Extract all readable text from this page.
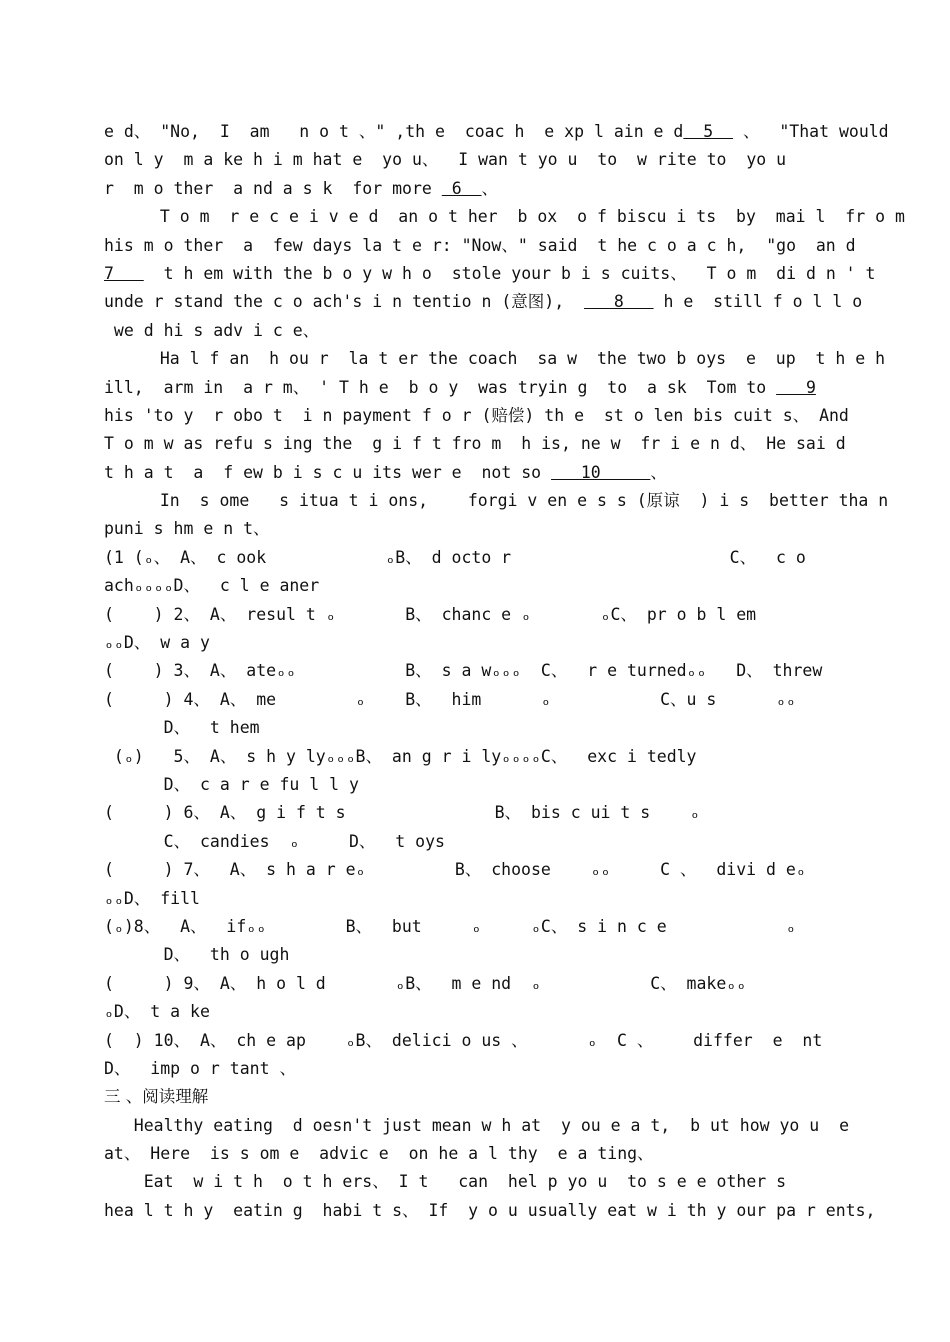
e d、 "No,  I  am   n o t 、" ,th e  coac h  e xp l ain e d  5   、  "That would
on l y  m a ke h i m hat e  yo u、  I wan t yo u  to  w rite to  yo u
r  m o ther  a nd a s k  for more  6  、
T o m  r e c e i v e d  an o t her  b ox  o f biscu i ts  by  mai l  fr o m
his m o ther  a  few days la t e r: "Now、" said  t he c o a c h,  "go  an d
7     t h em with the b o y w h o  stole your b i s cuits、  T o m  di d n ' t
unde r stand the c o ach's i n tentio n (意图),     8    h e  still f o l l o
we d hi s adv i c e、
Ha l f an  h ou r  la t er the coach  sa w  the two b oys  e  up  t h e h
ill,  arm in  a r m、 ' T h e  b o y  was tryin g  to  a sk  Tom to    9
his 'to y  r obo t  i n payment f o r (赔偿) th e  st o len bis cuit s、 And
T o m w as refu s ing the  g i f t fro m  h is, ne w  fr i e n d、 He sai d
t h a t  a  f ew b i s c u its wer e  not so    10     、
In  s ome   s itua t i ons,    forgi v en e s s (原谅  ) i s  better tha n
puni s hm e n t、
(1 (ₒ、 A、 c ook            ₒB、 d octo r                      C、  c o
achₒₒₒₒD、  c l e aner
(    ) 2、 A、 resul t ₒ       B、 chanc e ₒ       ₒC、 pr o b l em
ₒₒD、 w a y
(    ) 3、 A、 ateₒₒ           B、 s a wₒₒₒ  C、  r e turnedₒₒ   D、 threw
(     ) 4、 A、 me        ₒ    B、  him      ₒ           C、u s      ₒₒ
D、  t hem
(ₒ)   5、 A、 s h y lyₒₒₒB、 an g r i lyₒₒₒₒC、  exc i tedly
D、 c a r e fu l l y
(     ) 6、 A、 g i f t s               B、 bis c ui t s    ₒ
C、 candies  ₒ     D、  t oys
(     ) 7、  A、 s h a r eₒ         B、 choose    ₒₒ     C 、  divi d eₒ
ₒₒD、 fill
(ₒ)8、  A、  ifₒₒ        B、  but     ₒ     ₒC、 s i n c e            ₒ
D、  th o ugh
(     ) 9、 A、 h o l d       ₒB、  m e nd  ₒ           C、 makeₒₒ
ₒD、 t a ke
(  ) 10、 A、 ch e ap    ₒB、 delici o us 、      ₒ  C 、    differ  e  nt
D、  imp o r tant 、
三 、阅读理解
Healthy eating  d oesn't just mean w h at  y ou e a t,  b ut how yo u  e
at、 Here  is s om e  advic e  on he a l thy  e a ting、
Eat  w i t h  o t h ers、 I t   can  hel p yo u  to s e e other s
hea l t h y  eatin g  habi t s、 If  y o u usually eat w i th y our pa r ents,
